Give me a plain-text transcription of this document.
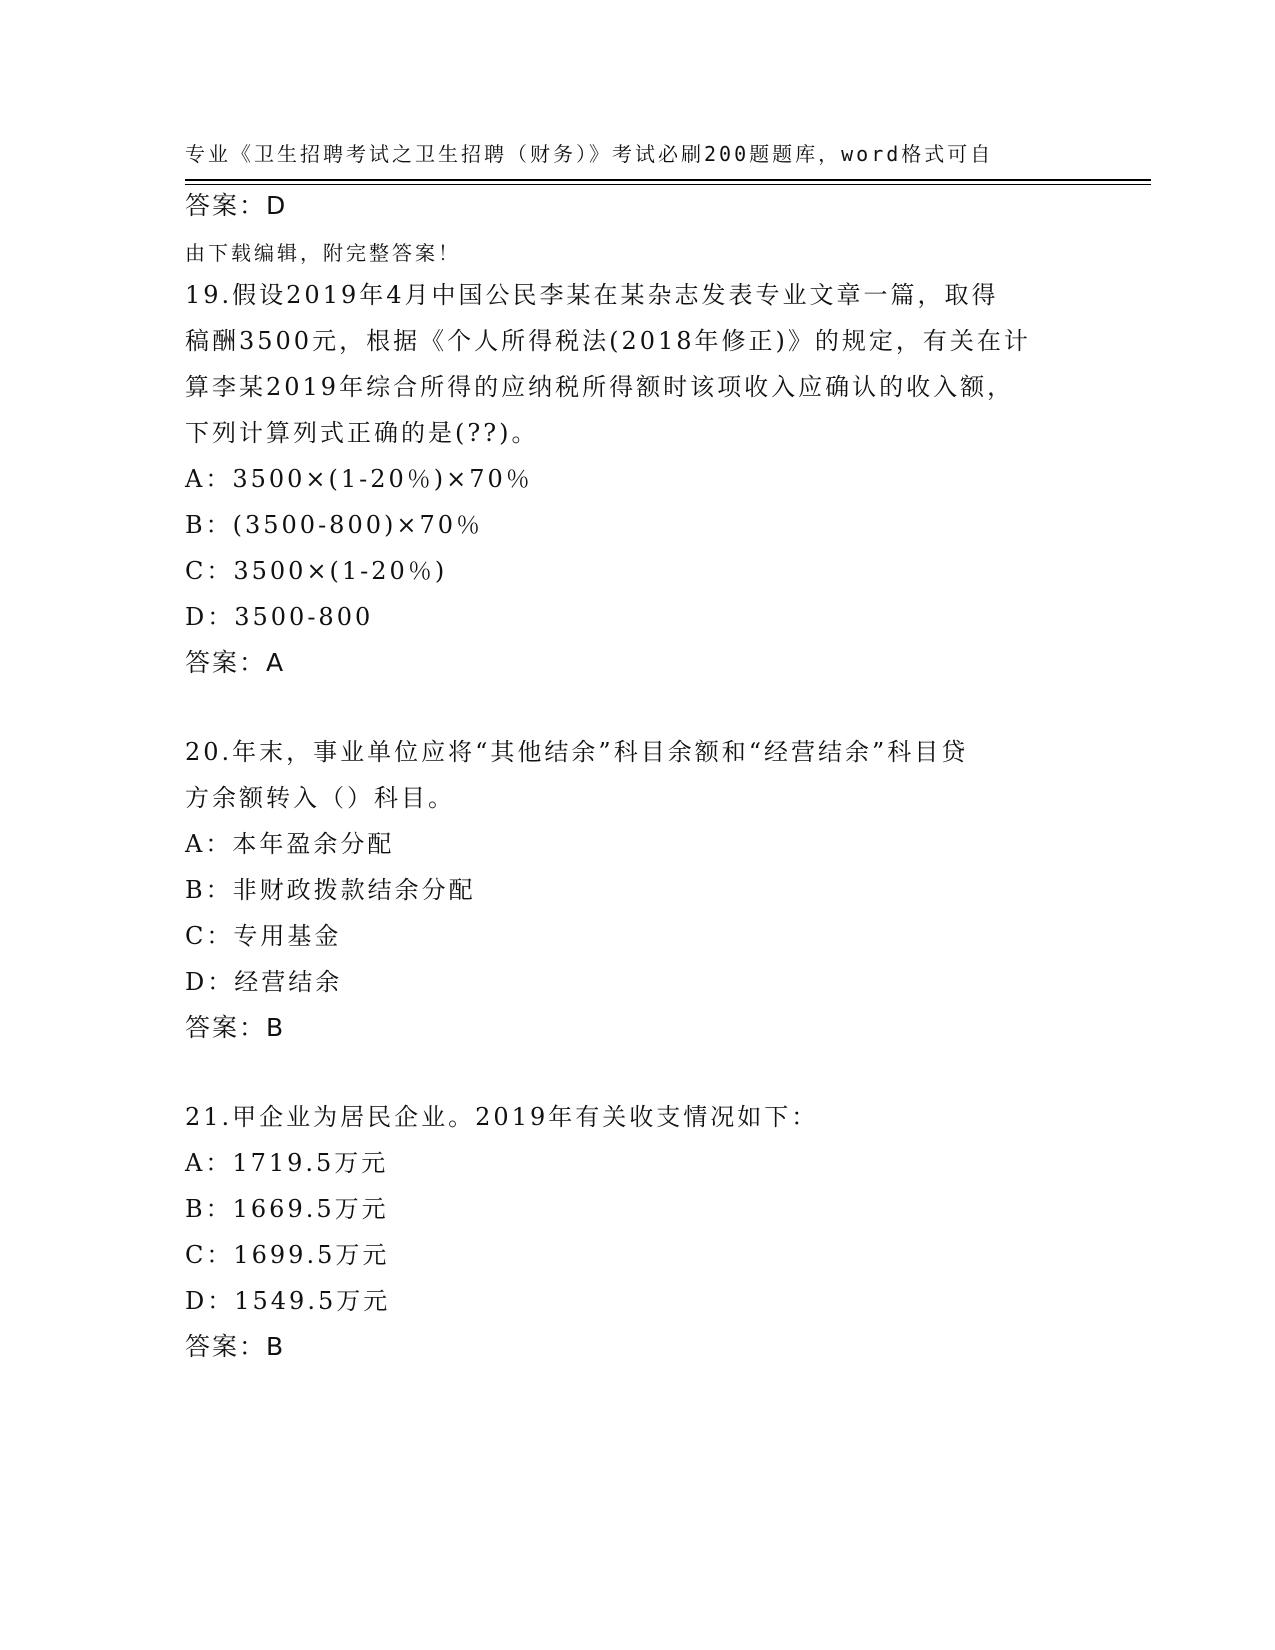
专业《卫生招聘考试之卫生招聘（财务）》考试必刷200题题库，word格式可自

由下载编辑，附完整答案！

答案：D
19.假设2019年4月中国公民李某在某杂志发表专业文章一篇，取得
稿酬3500元，根据《个人所得税法(2018年修正)》的规定，有关在计
算李某2019年综合所得的应纳税所得额时该项收入应确认的收入额，
下列计算列式正确的是(??)。
A：3500×(1-20％)×70％
B：(3500-800)×70％
C：3500×(1-20％)
D：3500-800
答案：A
20.年末，事业单位应将“其他结余”科目余额和“经营结余”科目贷
方余额转入（）科目。
A：本年盈余分配
B：非财政拨款结余分配
C：专用基金
D：经营结余
答案：B
21.甲企业为居民企业。2019年有关收支情况如下：
A：1719.5万元
B：1669.5万元
C：1699.5万元
D：1549.5万元
答案：B
